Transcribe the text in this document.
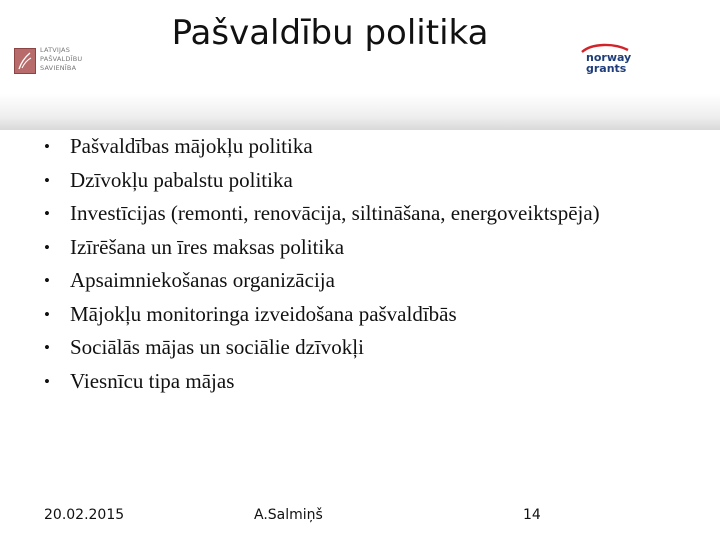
LATVIJAS
PAŠVALDĪBU
SAVIENĪBA
Pašvaldību politika
norway
grants
• Pašvaldības mājokļu politika
• Dzīvokļu pabalstu politika
• Investīcijas (remonti, renovācija, siltināšana, energoveiktspēja)
• Izīrēšana un īres maksas politika
• Apsaimniekošanas organizācija
• Mājokļu monitoringa izveidošana pašvaldībās
• Sociālās mājas un sociālie dzīvokļi
• Viesnīcu tipa mājas
20.02.2015	A.Salmiņš	14
